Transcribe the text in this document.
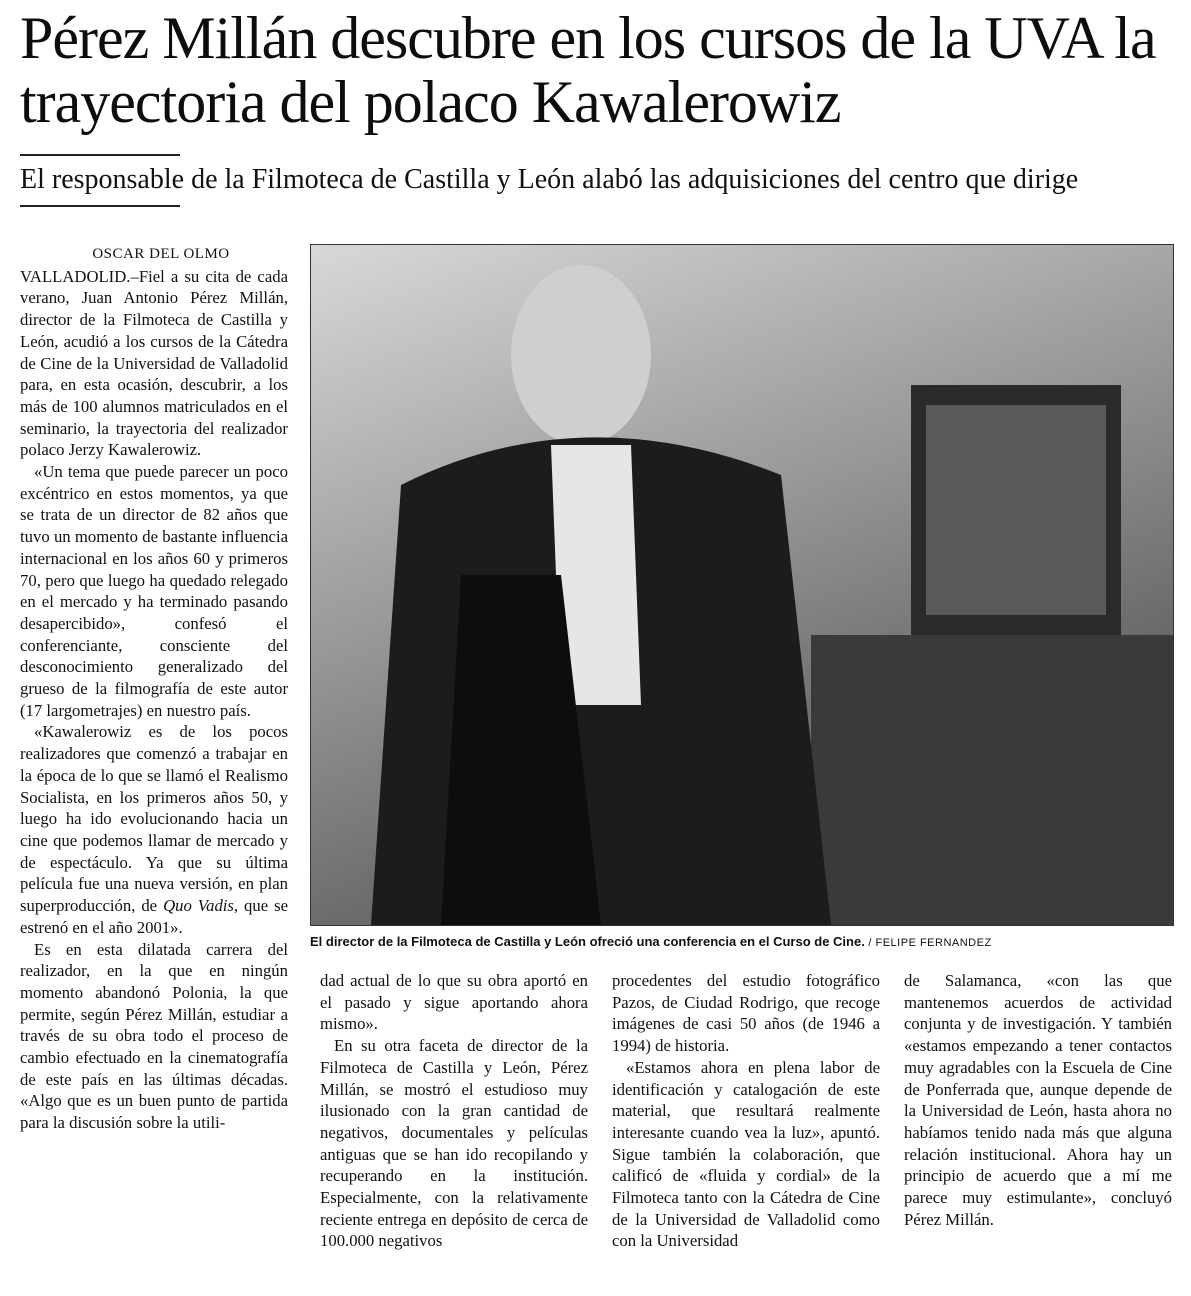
Pérez Millán descubre en los cursos de la UVA la trayectoria del polaco Kawalerowiz
El responsable de la Filmoteca de Castilla y León alabó las adquisiciones del centro que dirige

OSCAR DEL OLMO

VALLADOLID.–Fiel a su cita de cada verano, Juan Antonio Pérez Millán, director de la Filmoteca de Castilla y León, acudió a los cursos de la Cátedra de Cine de la Universidad de Valladolid para, en esta ocasión, descubrir, a los más de 100 alumnos matriculados en el seminario, la trayectoria del realizador polaco Jerzy Kawalerowiz.

«Un tema que puede parecer un poco excéntrico en estos momentos, ya que se trata de un director de 82 años que tuvo un momento de bastante influencia internacional en los años 60 y primeros 70, pero que luego ha quedado relegado en el mercado y ha terminado pasando desapercibido», confesó el conferenciante, consciente del desconocimiento generalizado del grueso de la filmografía de este autor (17 largometrajes) en nuestro país.

«Kawalerowiz es de los pocos realizadores que comenzó a trabajar en la época de lo que se llamó el Realismo Socialista, en los primeros años 50, y luego ha ido evolucionando hacia un cine que podemos llamar de mercado y de espectáculo. Ya que su última película fue una nueva versión, en plan superproducción, de Quo Vadis, que se estrenó en el año 2001».

Es en esta dilatada carrera del realizador, en la que en ningún momento abandonó Polonia, la que permite, según Pérez Millán, estudiar a través de su obra todo el proceso de cambio efectuado en la cinematografía de este país en las últimas décadas. «Algo que es un buen punto de partida para la discusión sobre la utili-

El director de la Filmoteca de Castilla y León ofreció una conferencia en el Curso de Cine. / FELIPE FERNANDEZ

dad actual de lo que su obra aportó en el pasado y sigue aportando ahora mismo».

En su otra faceta de director de la Filmoteca de Castilla y León, Pérez Millán, se mostró el estudioso muy ilusionado con la gran cantidad de negativos, documentales y películas antiguas que se han ido recopilando y recuperando en la institución. Especialmente, con la relativamente reciente entrega en depósito de cerca de 100.000 negativos

procedentes del estudio fotográfico Pazos, de Ciudad Rodrigo, que recoge imágenes de casi 50 años (de 1946 a 1994) de historia.

«Estamos ahora en plena labor de identificación y catalogación de este material, que resultará realmente interesante cuando vea la luz», apuntó. Sigue también la colaboración, que calificó de «fluida y cordial» de la Filmoteca tanto con la Cátedra de Cine de la Universidad de Valladolid como con la Universidad

de Salamanca, «con las que mantenemos acuerdos de actividad conjunta y de investigación. Y también «estamos empezando a tener contactos muy agradables con la Escuela de Cine de Ponferrada que, aunque depende de la Universidad de León, hasta ahora no habíamos tenido nada más que alguna relación institucional. Ahora hay un principio de acuerdo que a mí me parece muy estimulante», concluyó Pérez Millán.
